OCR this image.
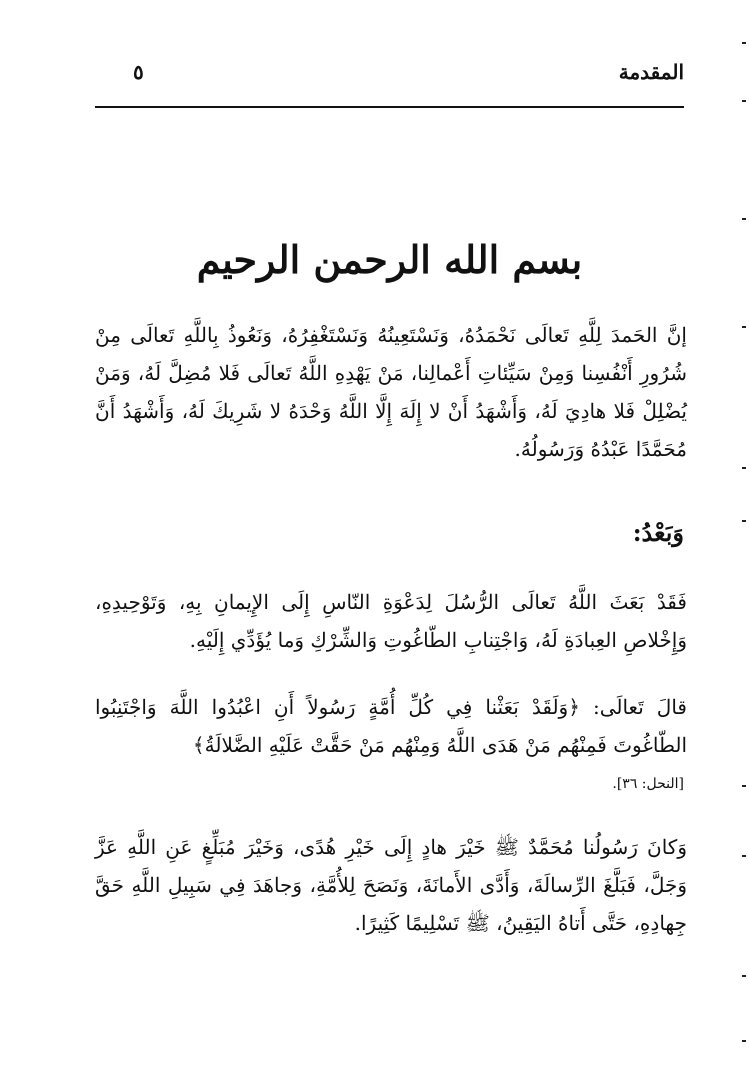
المقدمة
٥
بسم الله الرحمن الرحيم
إنَّ الحَمدَ لِلَّهِ تَعالَى نَحْمَدُهُ، وَنَسْتَعِينُهُ وَنَسْتَغْفِرُهُ، وَنَعُوذُ بِاللَّهِ تَعالَى مِنْ شُرُورِ أَنْفُسِنا وَمِنْ سَيِّئاتِ أَعْمالِنا، مَنْ يَهْدِهِ اللَّهُ تَعالَى فَلا مُضِلَّ لَهُ، وَمَنْ يُضْلِلْ فَلا هادِيَ لَهُ، وَأَشْهَدُ أَنْ لا إِلَهَ إِلَّا اللَّهُ وَحْدَهُ لا شَرِيكَ لَهُ، وَأَشْهَدُ أَنَّ مُحَمَّدًا عَبْدُهُ وَرَسُولُهُ.
وَبَعْدُ:
فَقَدْ بَعَثَ اللَّهُ تَعالَى الرُّسُلَ لِدَعْوَةِ النّاسِ إِلَى الإِيمانِ بِهِ، وَتَوْحِيدِهِ، وَإِخْلاصِ العِبادَةِ لَهُ، وَاجْتِنابِ الطّاغُوتِ وَالشِّرْكِ وَما يُؤَدِّي إِلَيْهِ.
قالَ تَعالَى: ﴿وَلَقَدْ بَعَثْنا فِي كُلِّ أُمَّةٍ رَسُولاً أَنِ اعْبُدُوا اللَّهَ وَاجْتَنِبُوا الطّاغُوتَ فَمِنْهُم مَنْ هَدَى اللَّهُ وَمِنْهُم مَنْ حَقَّتْ عَلَيْهِ الضَّلالَةُ﴾
[النحل: ٣٦].
وَكانَ رَسُولُنا مُحَمَّدٌ ﷺ خَيْرَ هادٍ إِلَى خَيْرِ هُدًى، وَخَيْرَ مُبَلِّغٍ عَنِ اللَّهِ عَزَّ وَجَلَّ، فَبَلَّغَ الرِّسالَةَ، وَأَدَّى الأَمانَةَ، وَنَصَحَ لِلأُمَّةِ، وَجاهَدَ فِي سَبِيلِ اللَّهِ حَقَّ جِهادِهِ، حَتَّى أَتاهُ اليَقِينُ، ﷺ تَسْلِيمًا كَثِيرًا.
